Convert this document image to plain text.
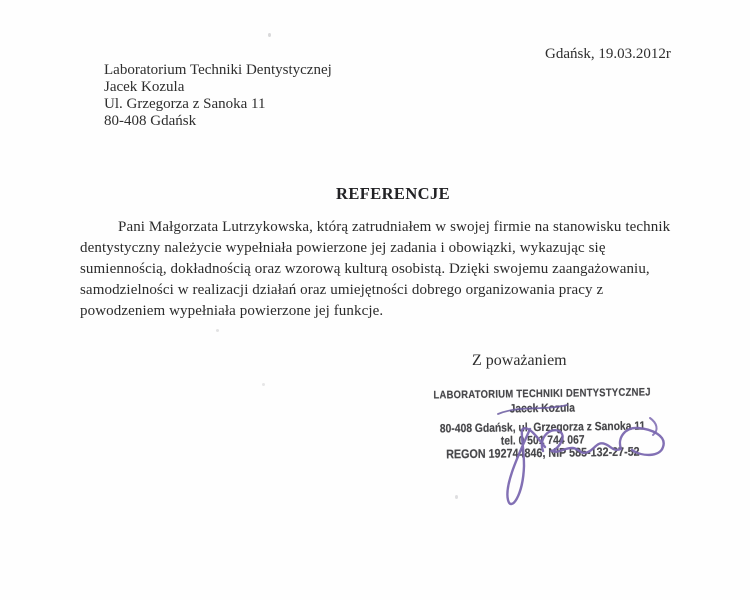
Gdańsk, 19.03.2012r
Laboratorium Techniki Dentystycznej
Jacek Kozula
Ul. Grzegorza z Sanoka 11
80-408 Gdańsk
REFERENCJE
Pani Małgorzata Lutrzykowska, którą zatrudniałem w swojej firmie na stanowisku technik
dentystyczny należycie wypełniała powierzone jej zadania i obowiązki, wykazując się
sumiennością, dokładnością oraz wzorową kulturą osobistą. Dzięki swojemu zaangażowaniu,
samodzielności w realizacji działań oraz umiejętności dobrego organizowania pracy z
powodzeniem wypełniała powierzone jej funkcje.
Z poważaniem
LABORATORIUM TECHNIKI DENTYSTYCZNEJ
Jacek Kozula
80-408 Gdańsk, ul. Grzegorza z Sanoka 11
tel. 0 501 744 067
REGON 192744846, NIP 585-132-27-52
